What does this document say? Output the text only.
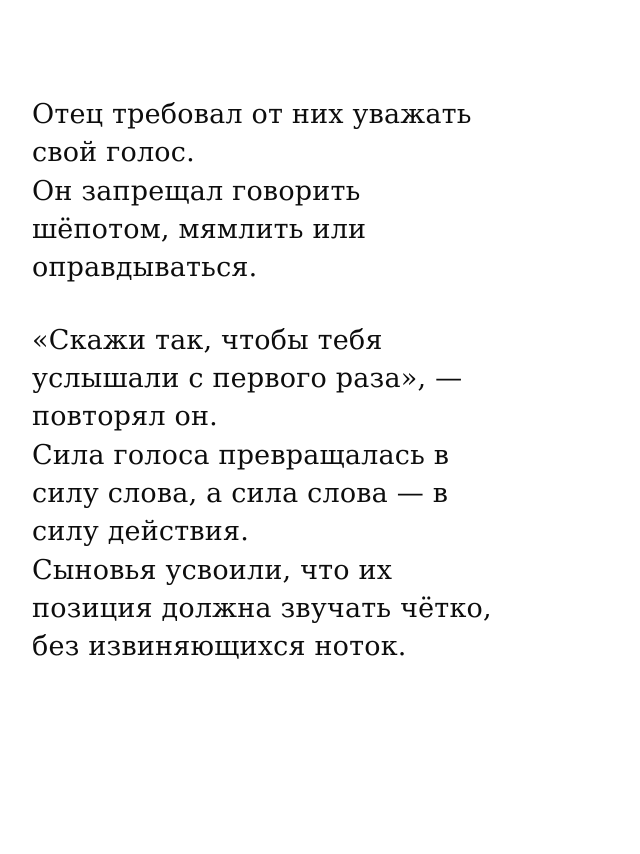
Отец требовал от них уважать
свой голос.
Он запрещал говорить
шёпотом, мямлить или
оправдываться.
«Скажи так, чтобы тебя
услышали с первого раза», —
повторял он.
Сила голоса превращалась в
силу слова, а сила слова — в
силу действия.
Сыновья усвоили, что их
позиция должна звучать чётко,
без извиняющихся ноток.
